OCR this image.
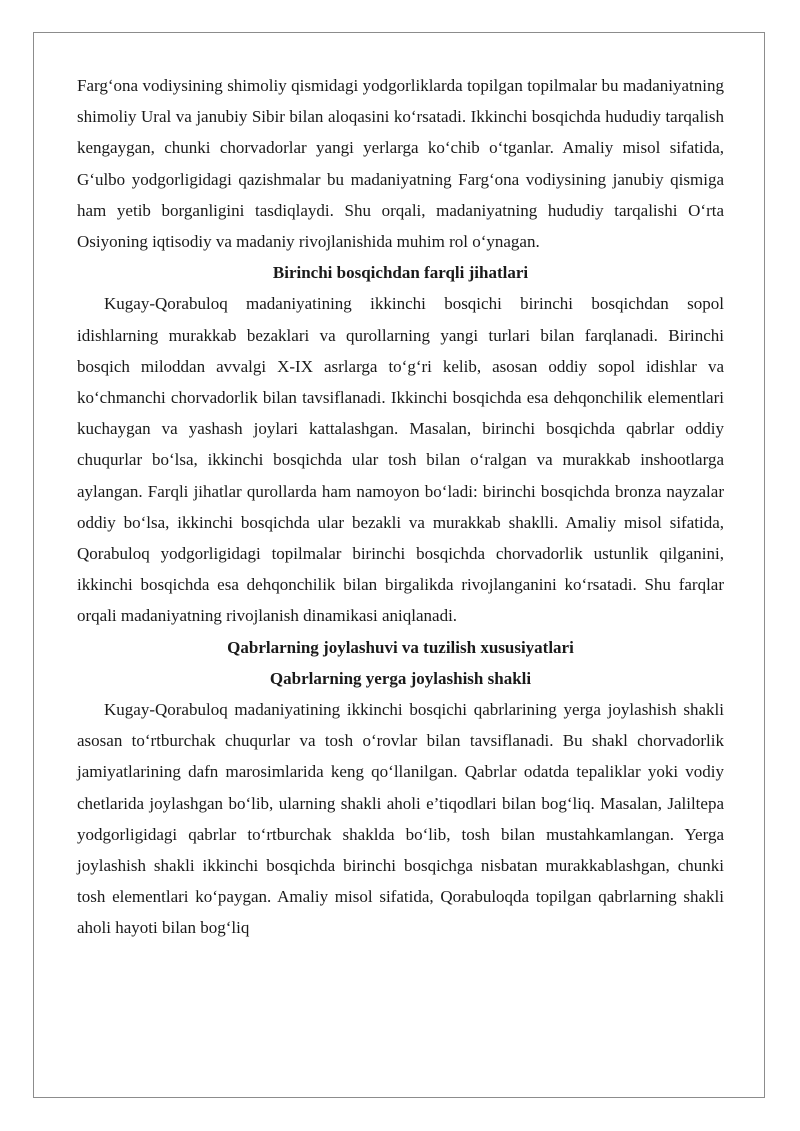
Farg‘ona vodiysining shimoliy qismidagi yodgorliklarda topilgan topilmalar bu madaniyatning shimoliy Ural va janubiy Sibir bilan aloqasini ko‘rsatadi. Ikkinchi bosqichda hududiy tarqalish kengaygan, chunki chorvadorlar yangi yerlarga ko‘chib o‘tganlar. Amaliy misol sifatida, G‘ulbo yodgorligidagi qazishmalar bu madaniyatning Farg‘ona vodiysining janubiy qismiga ham yetib borganligini tasdiqlaydi. Shu orqali, madaniyatning hududiy tarqalishi O‘rta Osiyoning iqtisodiy va madaniy rivojlanishida muhim rol o‘ynagan.

Birinchi bosqichdan farqli jihatlari

Kugay-Qorabuloq madaniyatining ikkinchi bosqichi birinchi bosqichdan sopol idishlarning murakkab bezaklari va qurollarning yangi turlari bilan farqlanadi. Birinchi bosqich miloddan avvalgi X-IX asrlarga to‘g‘ri kelib, asosan oddiy sopol idishlar va ko‘chmanchi chorvadorlik bilan tavsiflanadi. Ikkinchi bosqichda esa dehqonchilik elementlari kuchaygan va yashash joylari kattalashgan. Masalan, birinchi bosqichda qabrlar oddiy chuqurlar bo‘lsa, ikkinchi bosqichda ular tosh bilan o‘ralgan va murakkab inshootlarga aylangan. Farqli jihatlar qurollarda ham namoyon bo‘ladi: birinchi bosqichda bronza nayzalar oddiy bo‘lsa, ikkinchi bosqichda ular bezakli va murakkab shaklli. Amaliy misol sifatida, Qorabuloq yodgorligidagi topilmalar birinchi bosqichda chorvadorlik ustunlik qilganini, ikkinchi bosqichda esa dehqonchilik bilan birgalikda rivojlanganini ko‘rsatadi. Shu farqlar orqali madaniyatning rivojlanish dinamikasi aniqlanadi.

Qabrlarning joylashuvi va tuzilish xususiyatlari

Qabrlarning yerga joylashish shakli

Kugay-Qorabuloq madaniyatining ikkinchi bosqichi qabrlarining yerga joylashish shakli asosan to‘rtburchak chuqurlar va tosh o‘rovlar bilan tavsiflanadi. Bu shakl chorvadorlik jamiyatlarining dafn marosimlarida keng qo‘llanilgan. Qabrlar odatda tepaliklar yoki vodiy chetlarida joylashgan bo‘lib, ularning shakli aholi e’tiqodlari bilan bog‘liq. Masalan, Jaliltepa yodgorligidagi qabrlar to‘rtburchak shaklda bo‘lib, tosh bilan mustahkamlangan. Yerga joylashish shakli ikkinchi bosqichda birinchi bosqichga nisbatan murakkablashgan, chunki tosh elementlari ko‘paygan. Amaliy misol sifatida, Qorabuloqda topilgan qabrlarning shakli aholi hayoti bilan bog‘liq
